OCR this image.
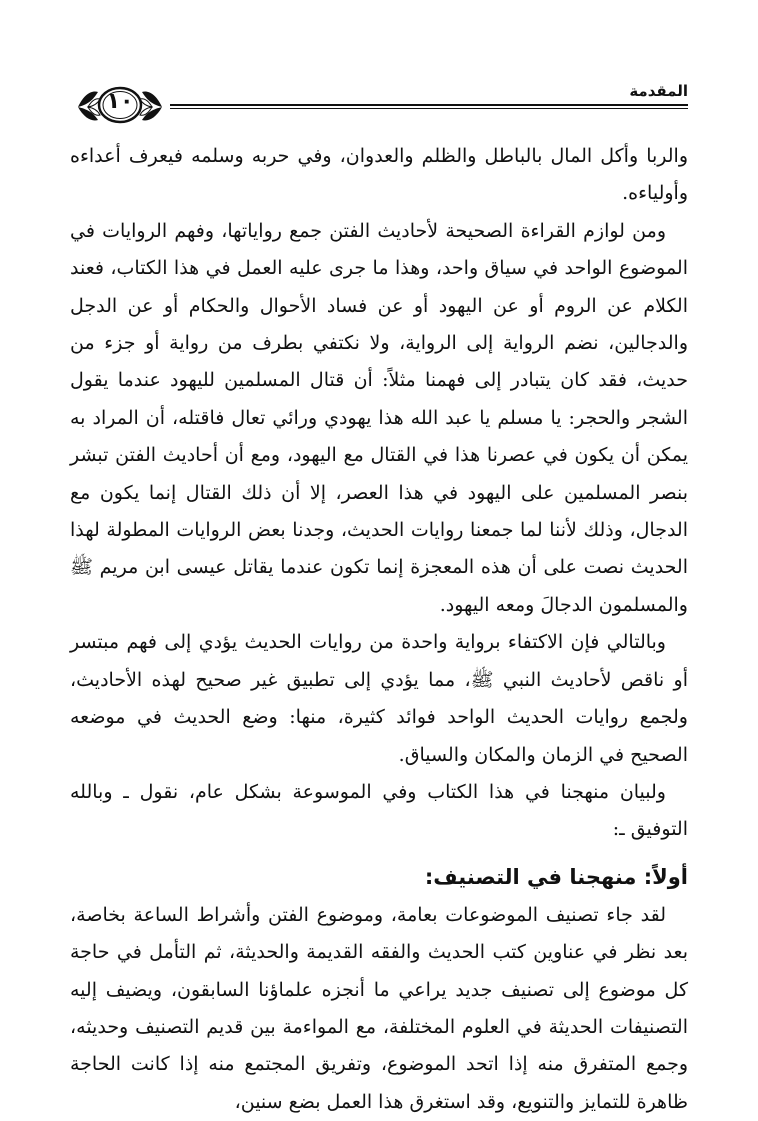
١٠	المقدمة

والربا وأكل المال بالباطل والظلم والعدوان، وفي حربه وسلمه فيعرف أعداءه وأولياءه.

ومن لوازم القراءة الصحيحة لأحاديث الفتن جمع رواياتها، وفهم الروايات في الموضوع الواحد في سياق واحد، وهذا ما جرى عليه العمل في هذا الكتاب، فعند الكلام عن الروم أو عن اليهود أو عن فساد الأحوال والحكام أو عن الدجل والدجالين، نضم الرواية إلى الرواية، ولا نكتفي بطرف من رواية أو جزء من حديث، فقد كان يتبادر إلى فهمنا مثلاً: أن قتال المسلمين لليهود عندما يقول الشجر والحجر: يا مسلم يا عبد الله هذا يهودي ورائي تعال فاقتله، أن المراد به يمكن أن يكون في عصرنا هذا في القتال مع اليهود، ومع أن أحاديث الفتن تبشر بنصر المسلمين على اليهود في هذا العصر، إلا أن ذلك القتال إنما يكون مع الدجال، وذلك لأننا لما جمعنا روايات الحديث، وجدنا بعض الروايات المطولة لهذا الحديث نصت على أن هذه المعجزة إنما تكون عندما يقاتل عيسى ابن مريم ﷺ والمسلمون الدجالَ ومعه اليهود.

وبالتالي فإن الاكتفاء برواية واحدة من روايات الحديث يؤدي إلى فهم مبتسر أو ناقص لأحاديث النبي ﷺ، مما يؤدي إلى تطبيق غير صحيح لهذه الأحاديث، ولجمع روايات الحديث الواحد فوائد كثيرة، منها: وضع الحديث في موضعه الصحيح في الزمان والمكان والسياق.

ولبيان منهجنا في هذا الكتاب وفي الموسوعة بشكل عام، نقول ـ وبالله التوفيق ـ:

أولاً: منهجنا في التصنيف:

لقد جاء تصنيف الموضوعات بعامة، وموضوع الفتن وأشراط الساعة بخاصة، بعد نظر في عناوين كتب الحديث والفقه القديمة والحديثة، ثم التأمل في حاجة كل موضوع إلى تصنيف جديد يراعي ما أنجزه علماؤنا السابقون، ويضيف إليه التصنيفات الحديثة في العلوم المختلفة، مع المواءمة بين قديم التصنيف وحديثه، وجمع المتفرق منه إذا اتحد الموضوع، وتفريق المجتمع منه إذا كانت الحاجة ظاهرة للتمايز والتنويع، وقد استغرق هذا العمل بضع سنين،
